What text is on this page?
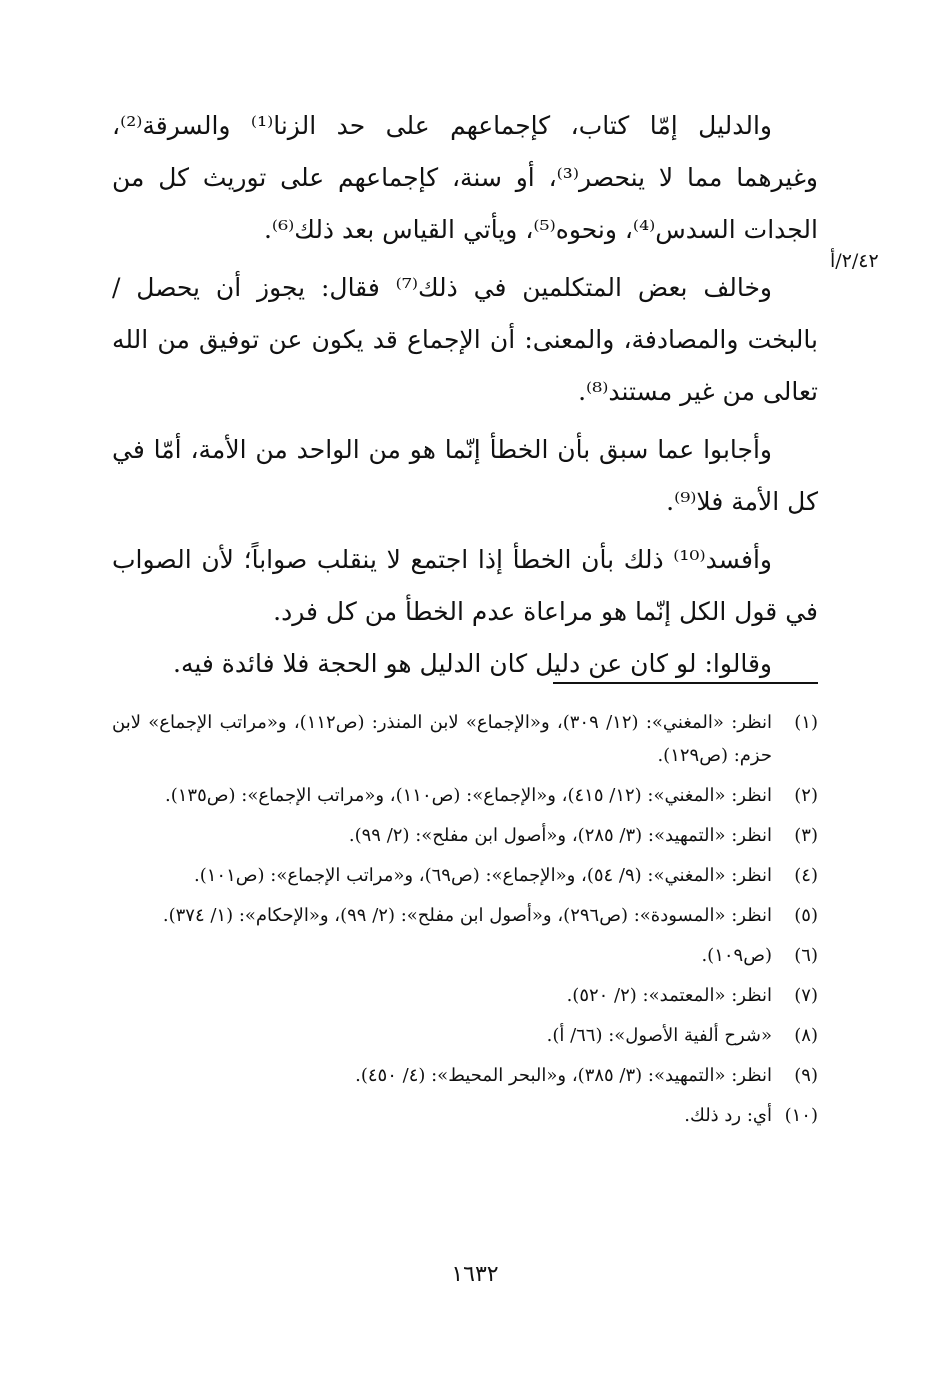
والدليل إمّا كتاب، كإجماعهم على حد الزنا⁽¹⁾ والسرقة⁽²⁾، وغيرهما مما لا ينحصر⁽³⁾، أو سنة، كإجماعهم على توريث كل من الجدات السدس⁽⁴⁾، ونحوه⁽⁵⁾، ويأتي القياس بعد ذلك⁽⁶⁾.

وخالف بعض المتكلمين في ذلك⁽⁷⁾ فقال: يجوز أن يحصل / بالبخت والمصادفة، والمعنى: أن الإجماع قد يكون عن توفيق من الله تعالى من غير مستند⁽⁸⁾.

وأجابوا عما سبق بأن الخطأ إنّما هو من الواحد من الأمة، أمّا في كل الأمة فلا⁽⁹⁾.

وأفسد⁽¹⁰⁾ ذلك بأن الخطأ إذا اجتمع لا ينقلب صواباً؛ لأن الصواب في قول الكل إنّما هو مراعاة عدم الخطأ من كل فرد.

وقالوا: لو كان عن دليل كان الدليل هو الحجة فلا فائدة فيه.

٢/٤٢/أ
(١)
انظر: «المغني»: (١٢/ ٣٠٩)، و«الإجماع» لابن المنذر: (ص١١٢)، و«مراتب الإجماع» لابن حزم: (ص١٢٩).
(٢)
انظر: «المغني»: (١٢/ ٤١٥)، و«الإجماع»: (ص١١٠)، و«مراتب الإجماع»: (ص١٣٥).
(٣)
انظر: «التمهيد»: (٣/ ٢٨٥)، و«أصول ابن مفلح»: (٢/ ٩٩).
(٤)
انظر: «المغني»: (٩/ ٥٤)، و«الإجماع»: (ص٦٩)، و«مراتب الإجماع»: (ص١٠١).
(٥)
انظر: «المسودة»: (ص٢٩٦)، و«أصول ابن مفلح»: (٢/ ٩٩)، و«الإحكام»: (١/ ٣٧٤).
(٦)
(ص١٠٩).
(٧)
انظر: «المعتمد»: (٢/ ٥٢٠).
(٨)
«شرح ألفية الأصول»: (٦٦/ أ).
(٩)
انظر: «التمهيد»: (٣/ ٣٨٥)، و«البحر المحيط»: (٤/ ٤٥٠).
(١٠)
أي: رد ذلك.
١٦٣٢
